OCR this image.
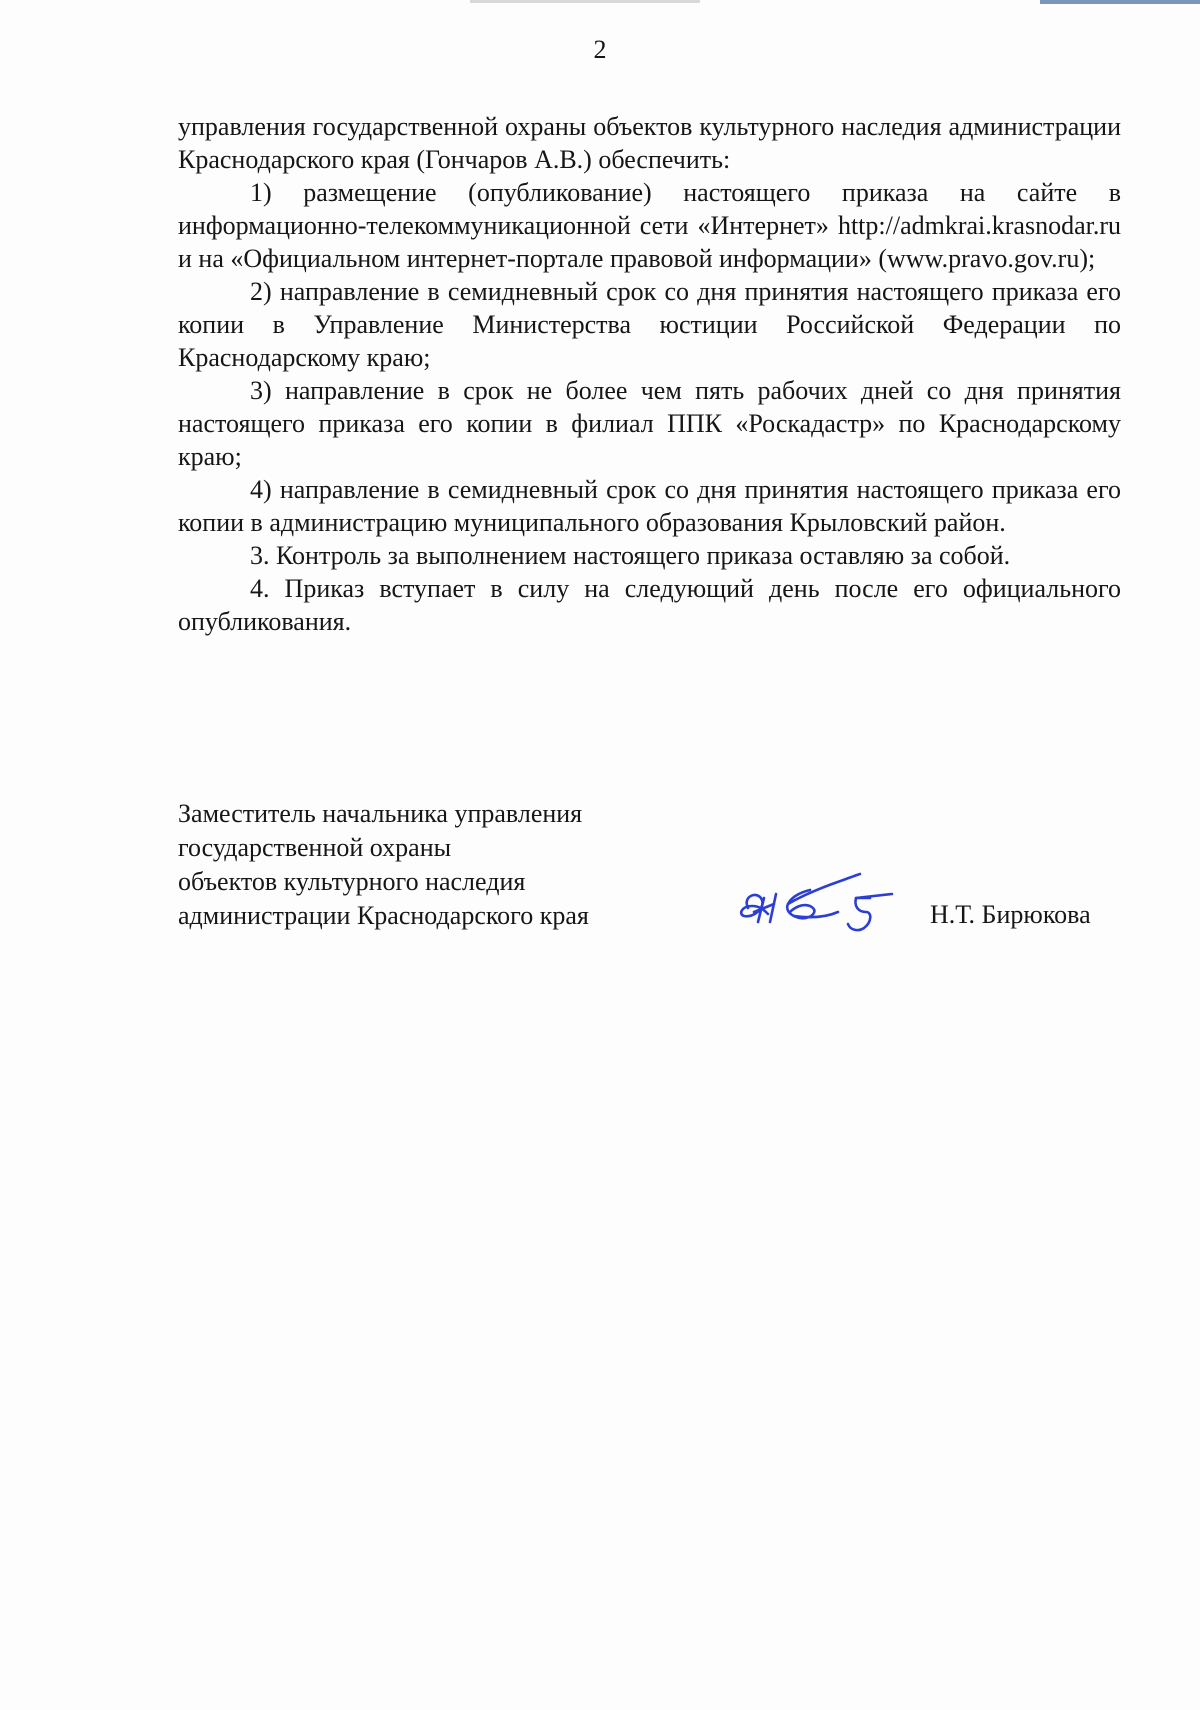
2

управления государственной охраны объектов культурного наследия администрации Краснодарского края (Гончаров А.В.) обеспечить:

1) размещение (опубликование) настоящего приказа на сайте в информационно-телекоммуникационной сети «Интернет» http://admkrai.krasnodar.ru и на «Официальном интернет-портале правовой информации» (www.pravo.gov.ru);

2) направление в семидневный срок со дня принятия настоящего приказа его копии в Управление Министерства юстиции Российской Федерации по Краснодарскому краю;

3) направление в срок не более чем пять рабочих дней со дня принятия настоящего приказа его копии в филиал ППК «Роскадастр» по Краснодарскому краю;

4) направление в семидневный срок со дня принятия настоящего приказа его копии в администрацию муниципального образования Крыловский район.

3. Контроль за выполнением настоящего приказа оставляю за собой.

4. Приказ вступает в силу на следующий день после его официального опубликования.

Заместитель начальника управления
государственной охраны
объектов культурного наследия
администрации Краснодарского края	Н.Т. Бирюкова
